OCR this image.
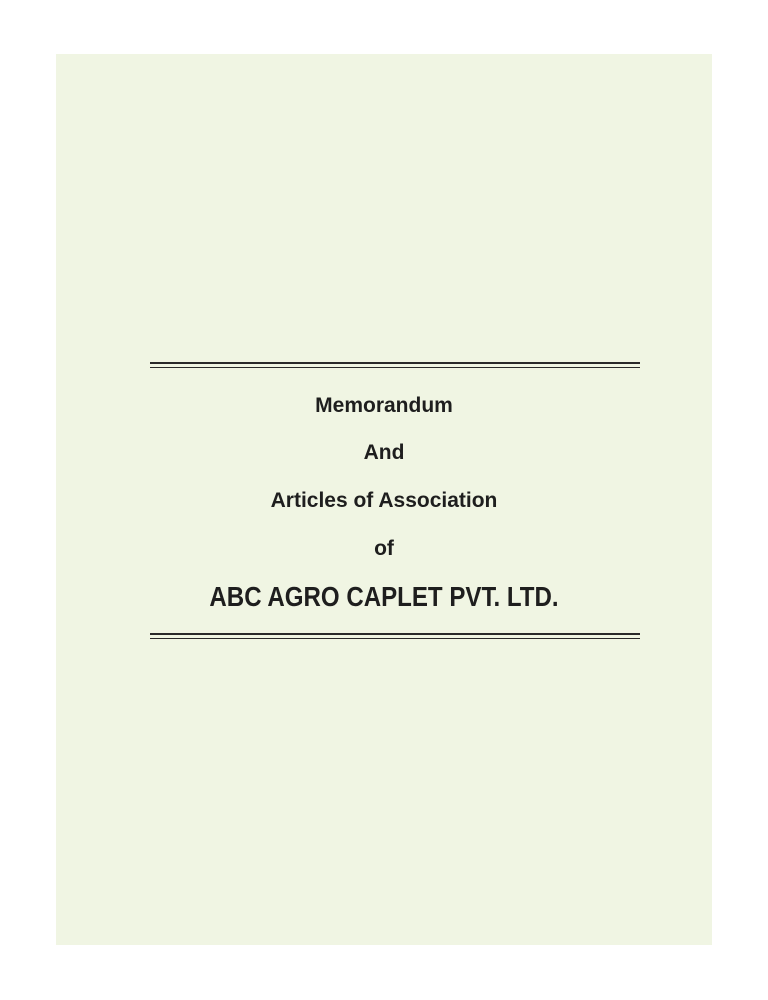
Memorandum
And
Articles of Association
of
ABC AGRO CAPLET PVT. LTD.
